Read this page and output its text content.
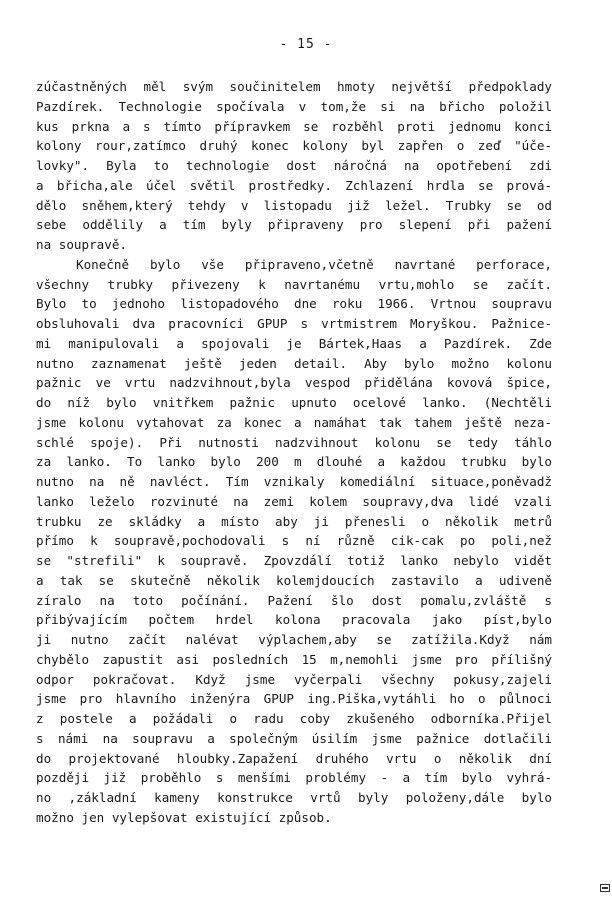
- 15 -
zúčastněných měl svým součinitelem hmoty největší předpoklady
Pazdírek. Technologie spočívala v tom,že si na břicho položil
kus prkna a s tímto přípravkem se rozběhl proti jednomu konci
kolony rour,zatímco druhý konec kolony byl zapřen o zeď "úče-
lovky". Byla to technologie dost náročná na opotřebení zdi
a břicha,ale účel světil prostředky. Zchlazení hrdla se prová-
dělo sněhem,který tehdy v listopadu již ležel. Trubky se od
sebe oddělily a tím byly připraveny pro slepení při pažení
na soupravě.
Konečně bylo vše připraveno,včetně navrtané perforace,
všechny trubky přivezeny k navrtanému vrtu,mohlo se začít.
Bylo to jednoho listopadového dne roku 1966. Vrtnou soupravu
obsluhovali dva pracovníci GPUP s vrtmistrem Moryškou. Pažnice-
mi manipulovali a spojovali je Bártek,Haas a Pazdírek. Zde
nutno zaznamenat ještě jeden detail. Aby bylo možno kolonu
pažnic ve vrtu nadzvihnout,byla vespod přidělána kovová špice,
do níž bylo vnitřkem pažnic upnuto ocelové lanko. (Nechtěli
jsme kolonu vytahovat za konec a namáhat tak tahem ještě neza-
schlé spoje). Při nutnosti nadzvihnout kolonu se tedy táhlo
za lanko. To lanko bylo 200 m dlouhé a každou trubku bylo
nutno na ně navléct. Tím vznikaly komediální situace,poněvadž
lanko leželo rozvinuté na zemi kolem soupravy,dva lidé vzali
trubku ze skládky a místo aby ji přenesli o několik metrů
přímo k soupravě,pochodovali s ní různě cik-cak po poli,než
se "strefili" k soupravě. Zpovzdálí totiž lanko nebylo vidět
a tak se skutečně několik kolemjdoucích zastavilo a udiveně
zíralo na toto počínání. Pažení šlo dost pomalu,zvláště s
přibývajícím počtem hrdel kolona pracovala jako píst,bylo
ji nutno začít nalévat výplachem,aby se zatížila.Když nám
chybělo zapustit asi posledních 15 m,nemohli jsme pro přílišný
odpor pokračovat. Když jsme vyčerpali všechny pokusy,zajeli
jsme pro hlavního inženýra GPUP ing.Piška,vytáhli ho o půlnoci
z postele a požádali o radu coby zkušeného odborníka.Přijel
s námi na soupravu a společným úsilím jsme pažnice dotlačili
do projektované hloubky.Zapažení druhého vrtu o několik dní
později již proběhlo s menšími problémy - a tím bylo vyhrá-
no ,základní kameny konstrukce vrtů byly položeny,dále bylo
možno jen vylepšovat existující způsob.
